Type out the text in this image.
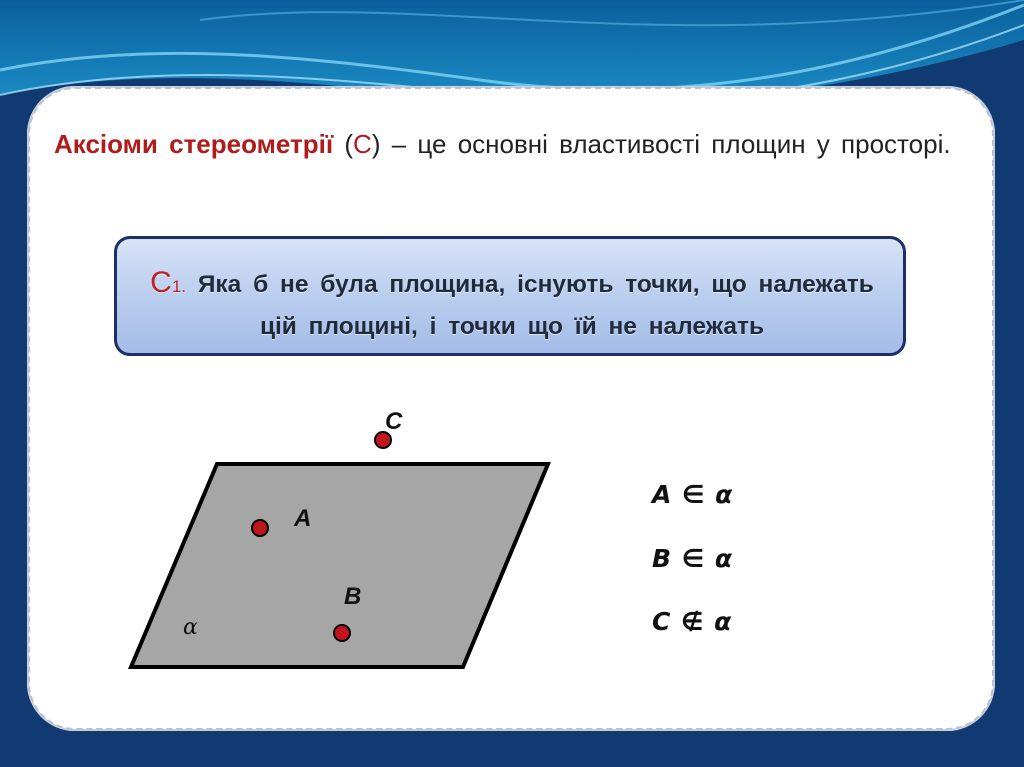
Аксіоми стереометрії (С) – це основні властивості площин у просторі.
С1. Яка б не була площина, існують точки, що належать цій площині, і точки що їй не належать
α
A
B
C
A ∈ α
B ∈ α
C ∉ α
